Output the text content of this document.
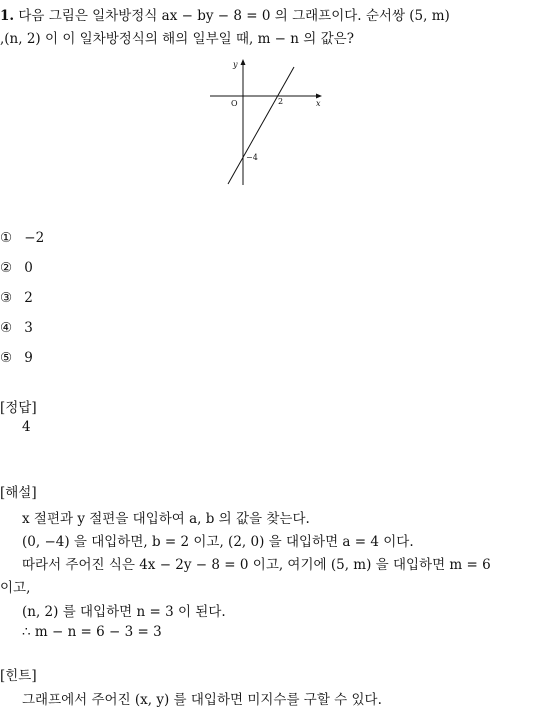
1. 다음 그림은 일차방정식 ax − by − 8 = 0 의 그래프이다. 순서쌍 (5, m)
,(n, 2) 이 이 일차방정식의 해의 일부일 때, m − n 의 값은?
O	x
y
2
−4
① −2
② 0
③ 2
④ 3
⑤ 9
[정답]
4
[해설]
x 절편과 y 절편을 대입하여 a, b 의 값을 찾는다.
(0, −4) 을 대입하면, b = 2 이고, (2, 0) 을 대입하면 a = 4 이다.
따라서 주어진 식은 4x − 2y − 8 = 0 이고, 여기에 (5, m) 을 대입하면 m = 6
이고,
(n, 2) 를 대입하면 n = 3 이 된다.
∴ m − n = 6 − 3 = 3
[힌트]
그래프에서 주어진 (x, y) 를 대입하면 미지수를 구할 수 있다.
